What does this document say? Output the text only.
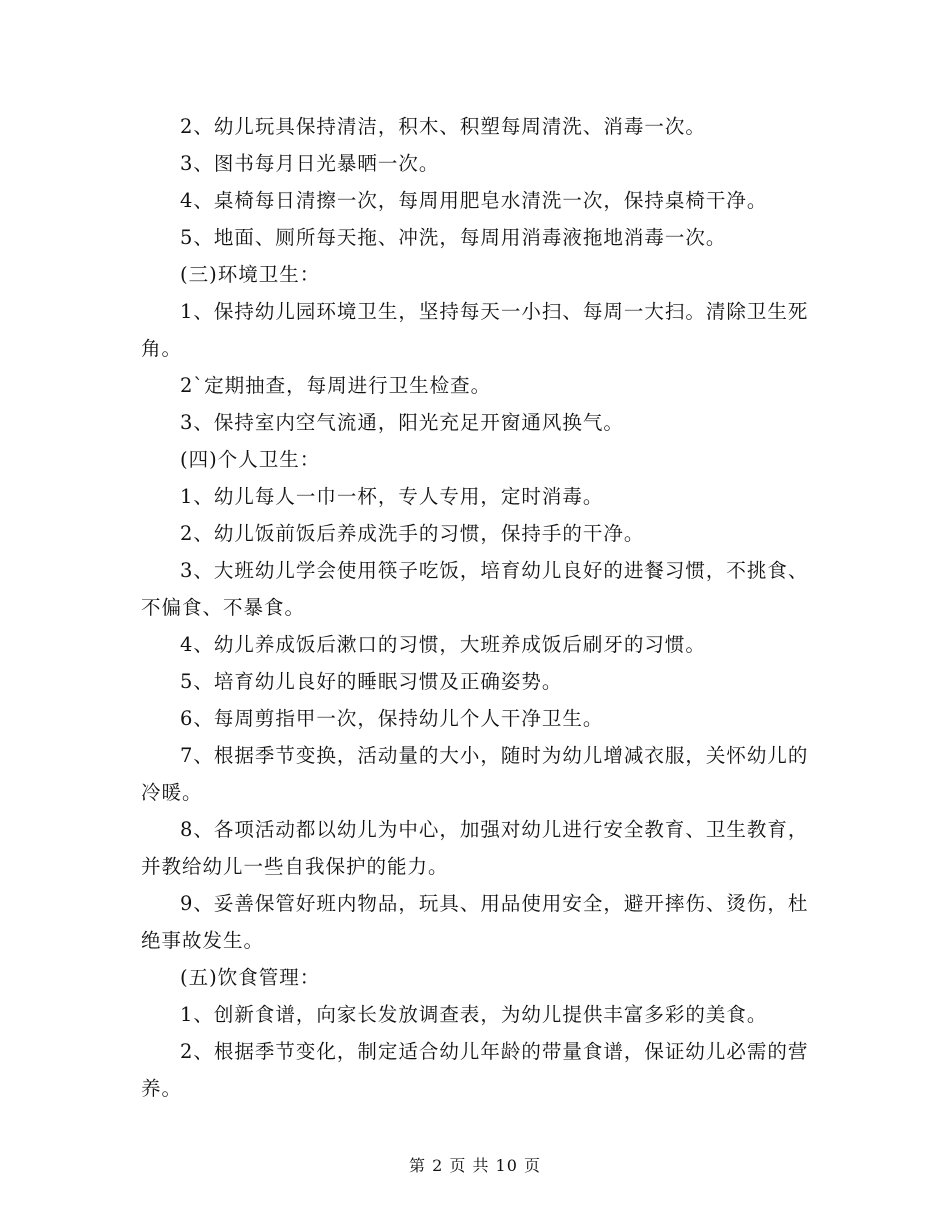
2、幼儿玩具保持清洁，积木、积塑每周清洗、消毒一次。

3、图书每月日光暴晒一次。

4、桌椅每日清擦一次，每周用肥皂水清洗一次，保持桌椅干净。

5、地面、厕所每天拖、冲洗，每周用消毒液拖地消毒一次。

(三)环境卫生：

1、保持幼儿园环境卫生，坚持每天一小扫、每周一大扫。清除卫生死角。

2`定期抽查，每周进行卫生检查。

3、保持室内空气流通，阳光充足开窗通风换气。

(四)个人卫生：

1、幼儿每人一巾一杯，专人专用，定时消毒。

2、幼儿饭前饭后养成洗手的习惯，保持手的干净。

3、大班幼儿学会使用筷子吃饭，培育幼儿良好的进餐习惯，不挑食、不偏食、不暴食。

4、幼儿养成饭后漱口的习惯，大班养成饭后刷牙的习惯。

5、培育幼儿良好的睡眠习惯及正确姿势。

6、每周剪指甲一次，保持幼儿个人干净卫生。

7、根据季节变换，活动量的大小，随时为幼儿增减衣服，关怀幼儿的冷暖。

8、各项活动都以幼儿为中心，加强对幼儿进行安全教育、卫生教育，并教给幼儿一些自我保护的能力。

9、妥善保管好班内物品，玩具、用品使用安全，避开摔伤、烫伤，杜绝事故发生。

(五)饮食管理：

1、创新食谱，向家长发放调查表，为幼儿提供丰富多彩的美食。

2、根据季节变化，制定适合幼儿年龄的带量食谱，保证幼儿必需的营养。

第 2 页 共 10 页
